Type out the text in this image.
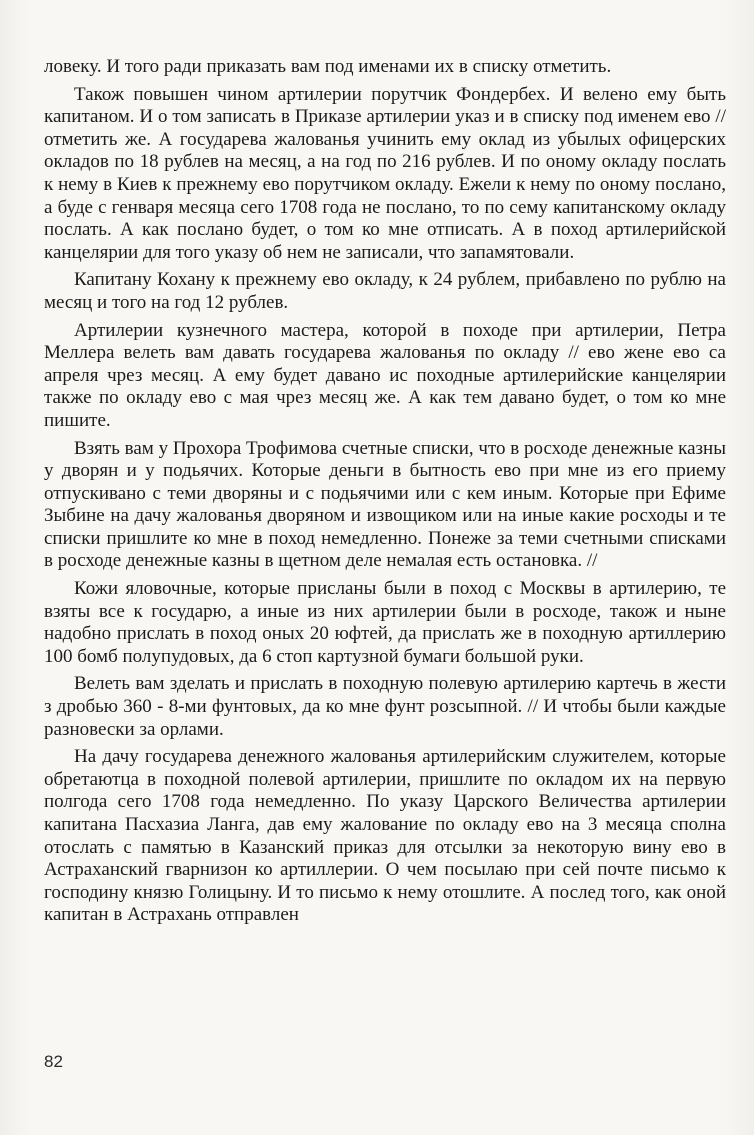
ловеку. И того ради приказать вам под именами их в списку отметить.

Також повышен чином артилерии порутчик Фондербех. И велено ему быть капитаном. И о том записать в Приказе артилерии указ и в списку под именем ево // отметить же. А государева жалованья учинить ему оклад из убылых офицерских окладов по 18 рублев на месяц, а на год по 216 рублев. И по оному окладу послать к нему в Киев к прежнему ево порутчиком окладу. Ежели к нему по оному послано, а буде с генваря месяца сего 1708 года не послано, то по сему капитанскому окладу послать. А как послано будет, о том ко мне отписать. А в поход артилерийской канцелярии для того указу об нем не записали, что запамятовали.

Капитану Кохану к прежнему ево окладу, к 24 рублем, прибавлено по рублю на месяц и того на год 12 рублев.

Артилерии кузнечного мастера, которой в походе при артилерии, Петра Меллера велеть вам давать государева жалованья по окладу // ево жене ево са апреля чрез месяц. А ему будет давано ис походные артилерийские канцелярии также по окладу ево с мая чрез месяц же. А как тем давано будет, о том ко мне пишите.

Взять вам у Прохора Трофимова счетные списки, что в росходе денежные казны у дворян и у подьячих. Которые деньги в бытность ево при мне из его приему отпускивано с теми дворяны и с подьячими или с кем иным. Которые при Ефиме Зыбине на дачу жалованья дворяном и извощиком или на иные какие росходы и те списки пришлите ко мне в поход немедленно. Понеже за теми счетными списками в росходе денежные казны в щетном деле немалая есть остановка. //

Кожи яловочные, которые присланы были в поход с Москвы в артилерию, те взяты все к государю, а иные из них артилерии были в росходе, також и ныне надобно прислать в поход оных 20 юфтей, да прислать же в походную артиллерию 100 бомб полупудовых, да 6 стоп картузной бумаги большой руки.

Велеть вам зделать и прислать в походную полевую артилерию картечь в жести з дробью 360 - 8-ми фунтовых, да ко мне фунт розсыпной. // И чтобы были каждые разновески за орлами.

На дачу государева денежного жалованья артилерийским служителем, которые обретаютца в походной полевой артилерии, пришлите по окладом их на первую полгода сего 1708 года немедленно. По указу Царского Величества артилерии капитана Пасхазиа Ланга, дав ему жалование по окладу ево на 3 месяца сполна отослать с памятью в Казанский приказ для отсылки за некоторую вину ево в Астраханский гварнизон ко артиллерии. О чем посылаю при сей почте письмо к господину князю Голицыну. И то письмо к нему отошлите. А послед того, как оной капитан в Астрахань отправлен

82
